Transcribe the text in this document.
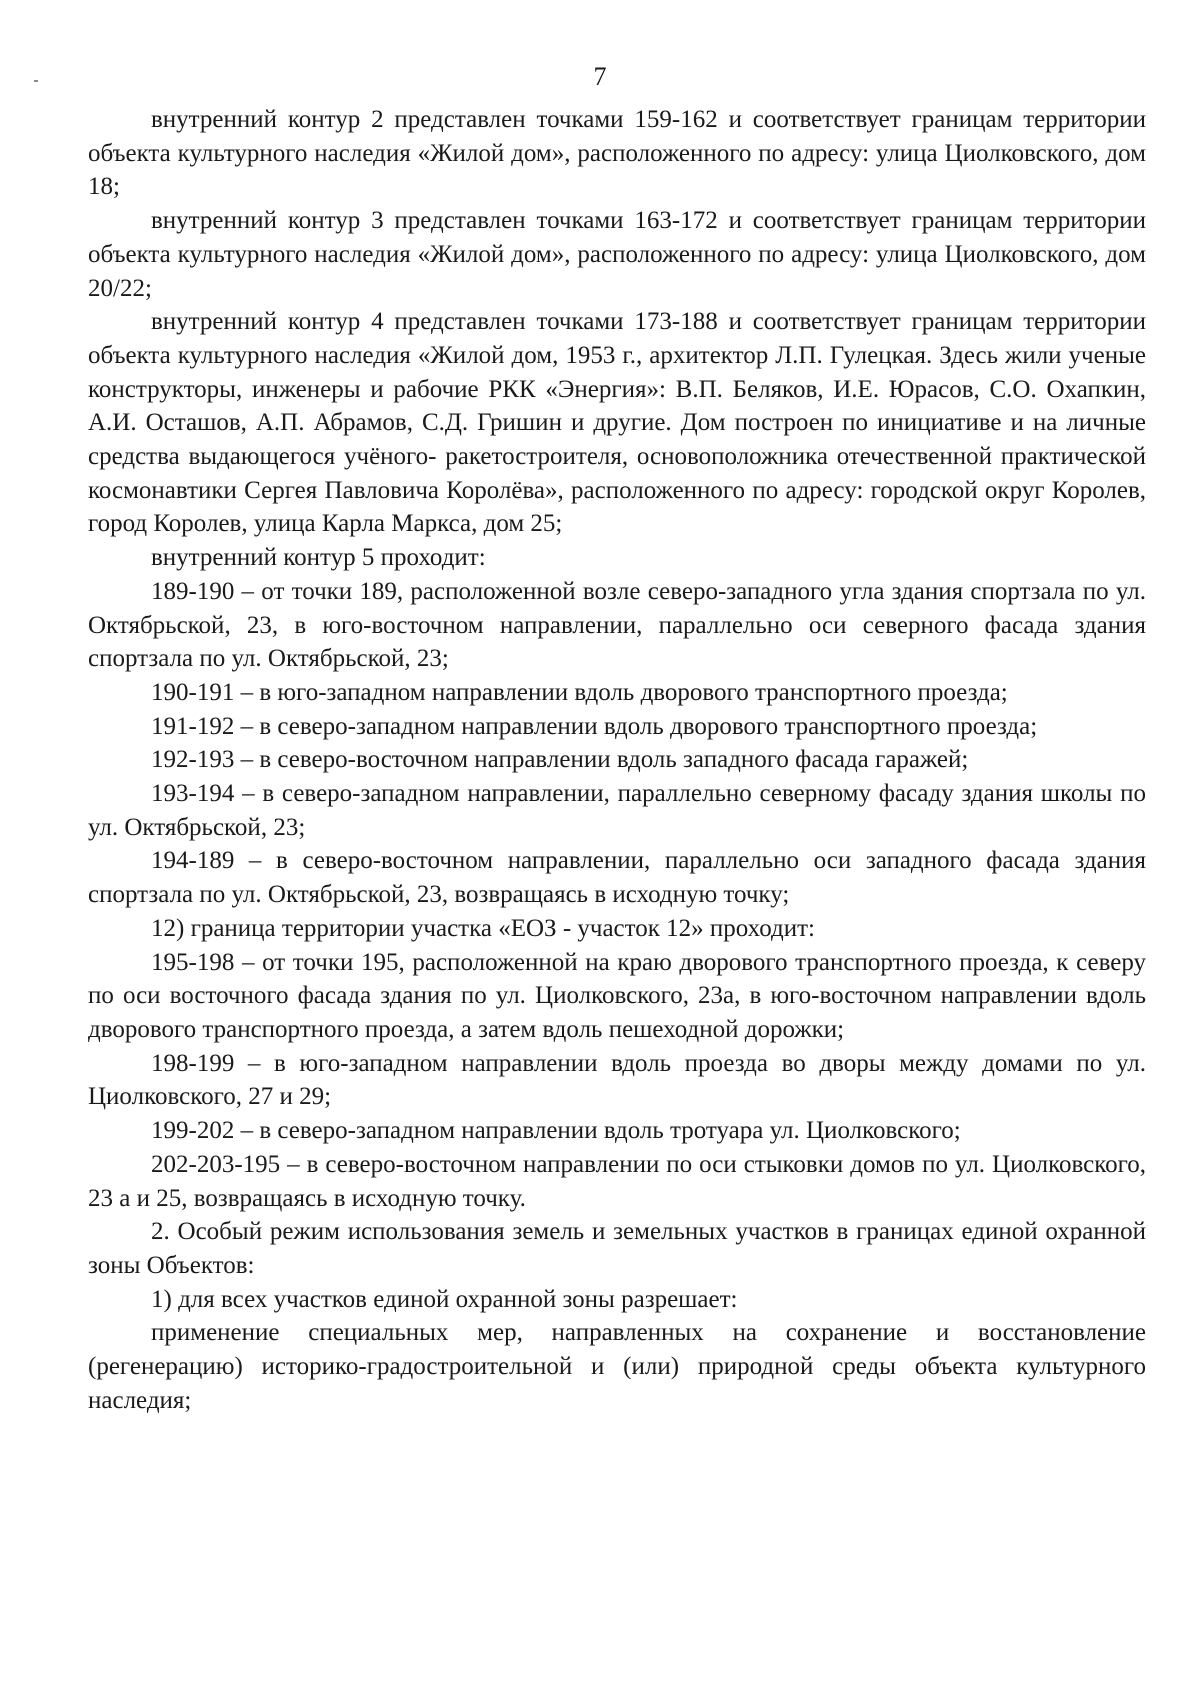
7

внутренний контур 2 представлен точками 159-162 и соответствует границам территории объекта культурного наследия «Жилой дом», расположенного по адресу: улица Циолковского, дом 18;

внутренний контур 3 представлен точками 163-172 и соответствует границам территории объекта культурного наследия «Жилой дом», расположенного по адресу: улица Циолковского, дом 20/22;

внутренний контур 4 представлен точками 173-188 и соответствует границам территории объекта культурного наследия «Жилой дом, 1953 г., архитектор Л.П. Гулецкая. Здесь жили ученые конструкторы, инженеры и рабочие РКК «Энергия»: В.П. Беляков, И.Е. Юрасов, С.О. Охапкин, А.И. Осташов, А.П. Абрамов, С.Д. Гришин и другие. Дом построен по инициативе и на личные средства выдающегося учёного- ракетостроителя, основоположника отечественной практической космонавтики Сергея Павловича Королёва», расположенного по адресу: городской округ Королев, город Королев, улица Карла Маркса, дом 25;

внутренний контур 5 проходит:

189-190 – от точки 189, расположенной возле северо-западного угла здания спортзала по ул. Октябрьской, 23, в юго-восточном направлении, параллельно оси северного фасада здания спортзала по ул. Октябрьской, 23;

190-191 – в юго-западном направлении вдоль дворового транспортного проезда;

191-192 – в северо-западном направлении вдоль дворового транспортного проезда;

192-193 – в северо-восточном направлении вдоль западного фасада гаражей;

193-194 – в северо-западном направлении, параллельно северному фасаду здания школы по ул. Октябрьской, 23;

194-189 – в северо-восточном направлении, параллельно оси западного фасада здания спортзала по ул. Октябрьской, 23, возвращаясь в исходную точку;

12) граница территории участка «ЕОЗ - участок 12» проходит:

195-198 – от точки 195, расположенной на краю дворового транспортного проезда, к северу по оси восточного фасада здания по ул. Циолковского, 23а, в юго-восточном направлении вдоль дворового транспортного проезда, а затем вдоль пешеходной дорожки;

198-199 – в юго-западном направлении вдоль проезда во дворы между домами по ул. Циолковского, 27 и 29;

199-202 – в северо-западном направлении вдоль тротуара ул. Циолковского;

202-203-195 – в северо-восточном направлении по оси стыковки домов по ул. Циолковского, 23 а и 25, возвращаясь в исходную точку.

2. Особый режим использования земель и земельных участков в границах единой охранной зоны Объектов:

1) для всех участков единой охранной зоны разрешает:

применение специальных мер, направленных на сохранение и восстановление (регенерацию) историко-градостроительной и (или) природной среды объекта культурного наследия;
